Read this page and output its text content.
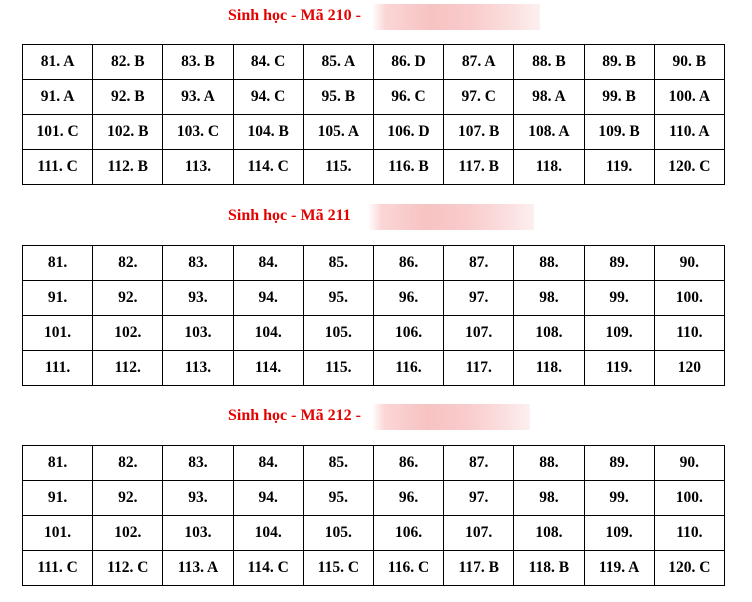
Sinh học - Mã 210 -
81. A	82. B	83. B	84. C	85. A	86. D	87. A	88. B	89. B	90. B
91. A	92. B	93. A	94. C	95. B	96. C	97. C	98. A	99. B	100. A
101. C	102. B	103. C	104. B	105. A	106. D	107. B	108. A	109. B	110. A
111. C	112. B	113.	114. C	115.	116. B	117. B	118.	119.	120. C
Sinh học - Mã 211
81.	82.	83.	84.	85.	86.	87.	88.	89.	90.
91.	92.	93.	94.	95.	96.	97.	98.	99.	100.
101.	102.	103.	104.	105.	106.	107.	108.	109.	110.
111.	112.	113.	114.	115.	116.	117.	118.	119.	120
Sinh học - Mã 212 -
81.	82.	83.	84.	85.	86.	87.	88.	89.	90.
91.	92.	93.	94.	95.	96.	97.	98.	99.	100.
101.	102.	103.	104.	105.	106.	107.	108.	109.	110.
111. C	112. C	113. A	114. C	115. C	116. C	117. B	118. B	119. A	120. C
